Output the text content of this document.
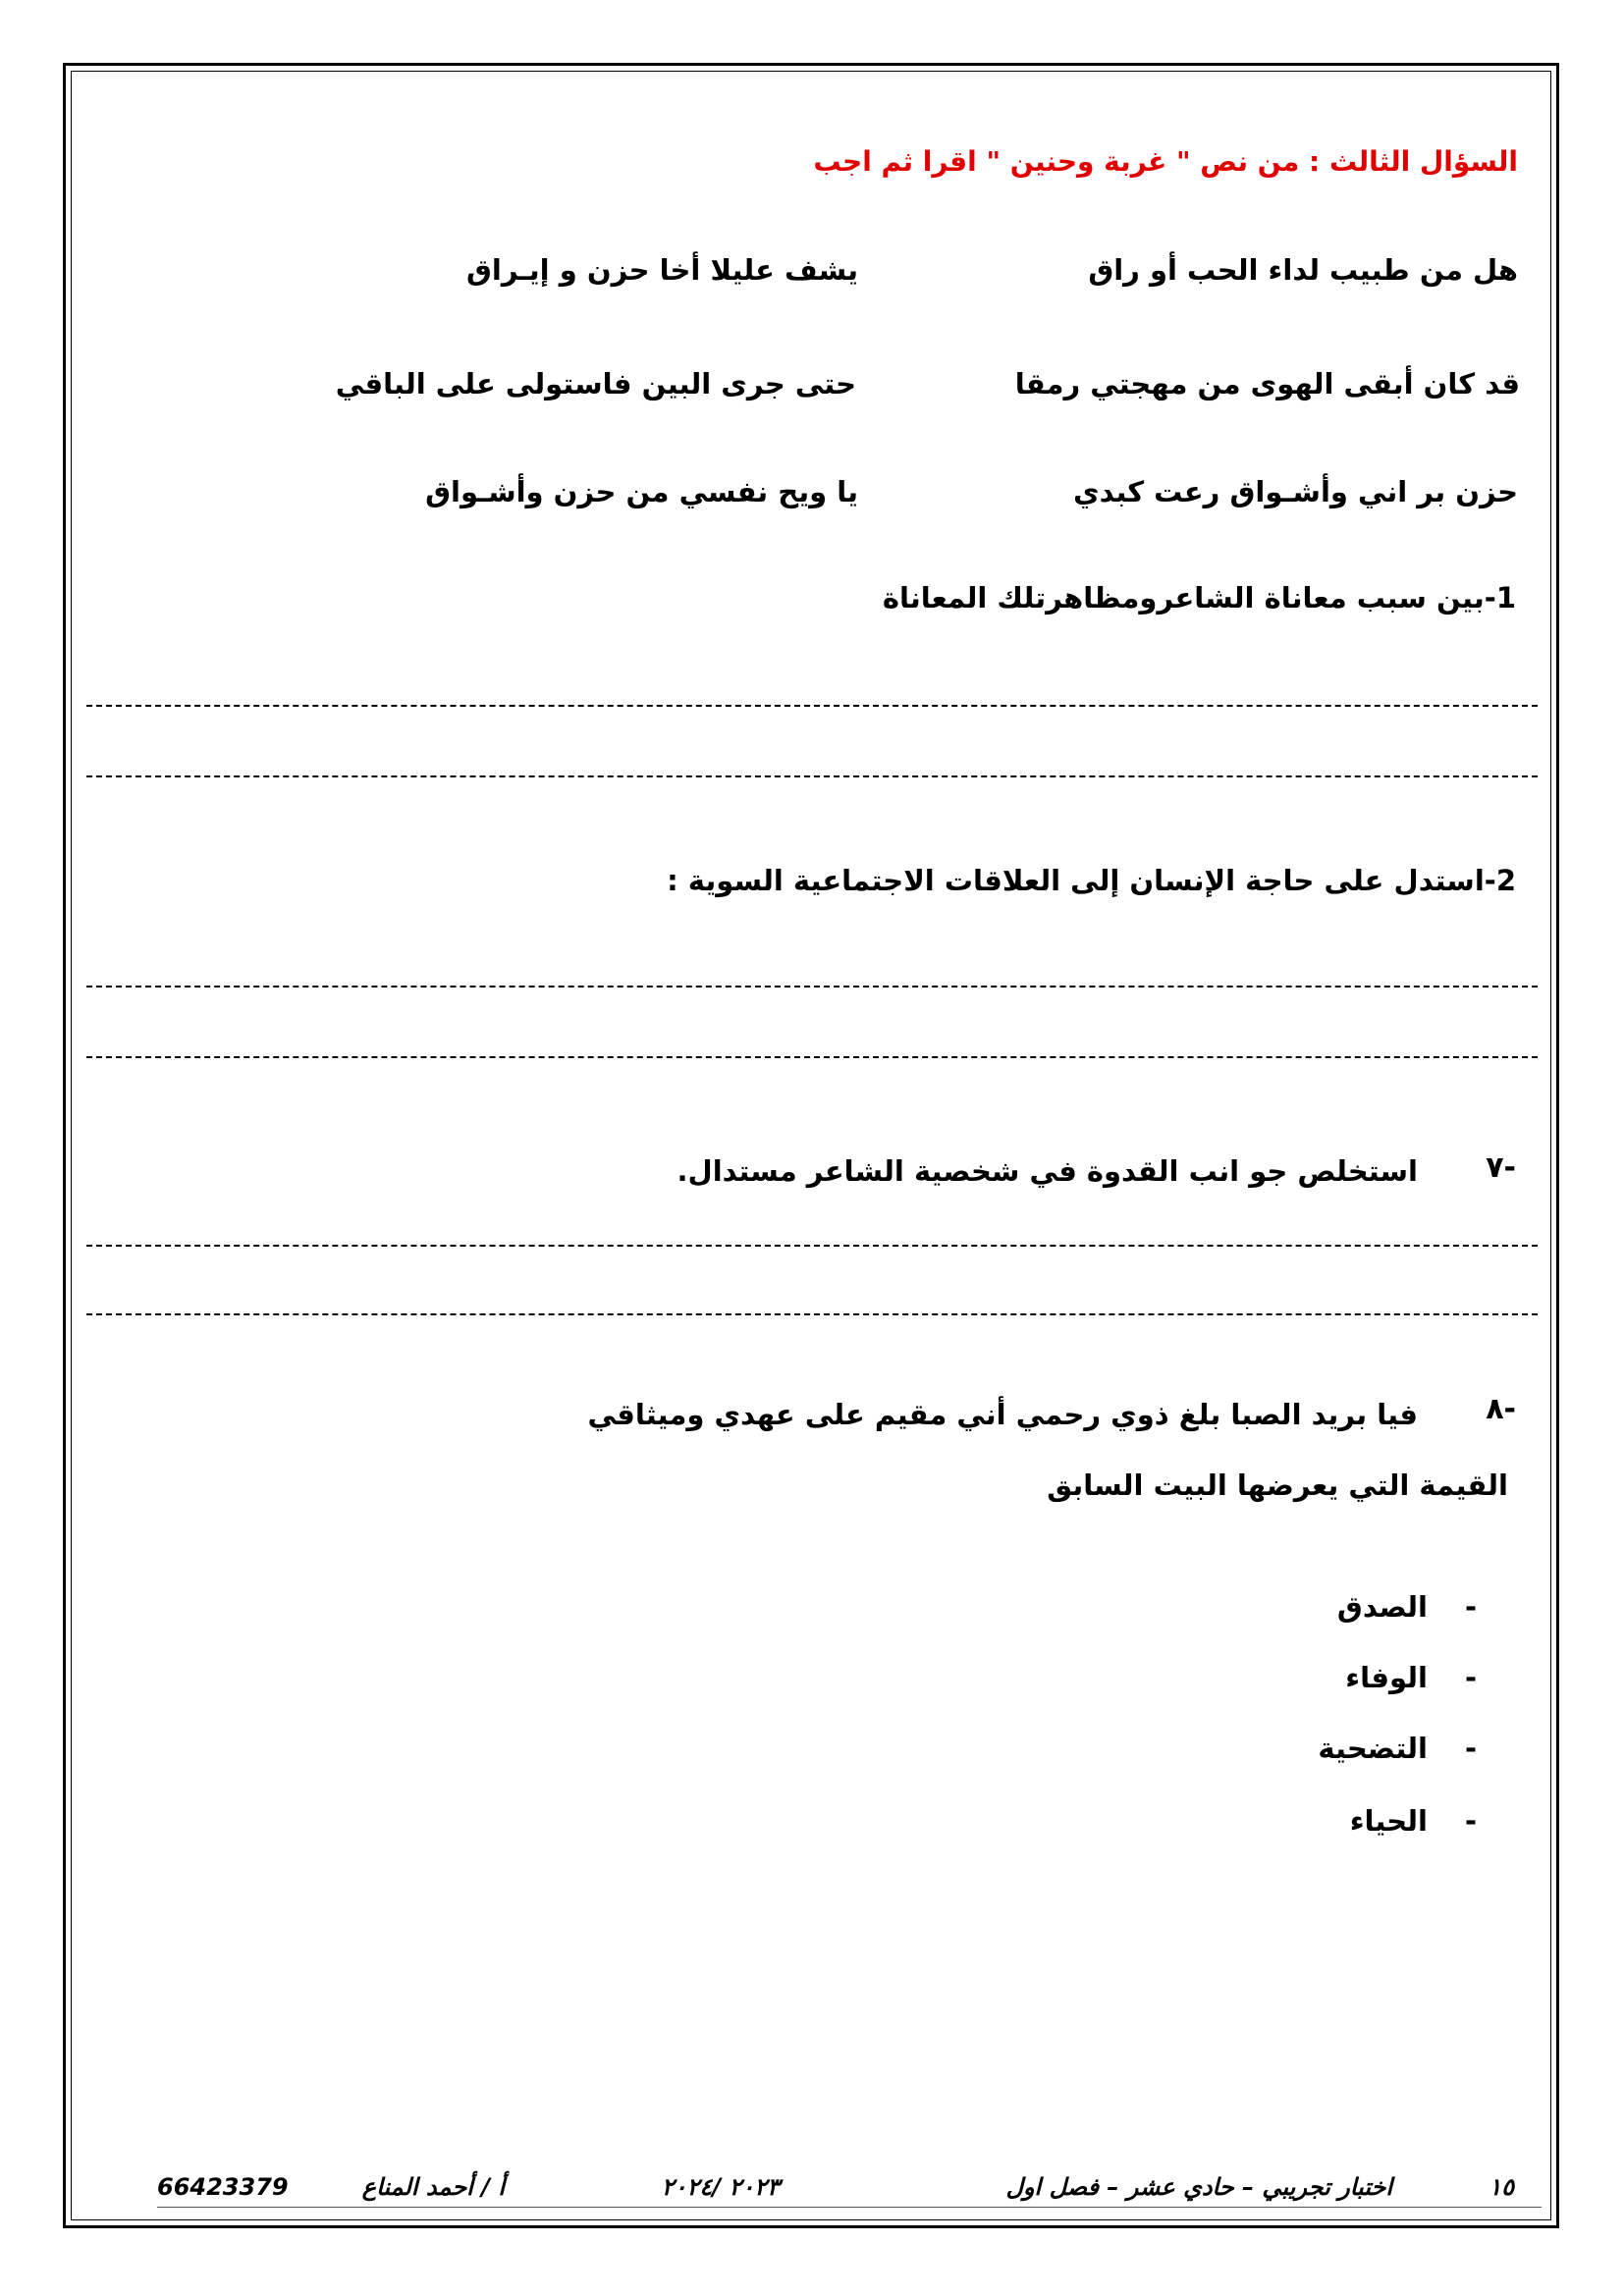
السؤال الثالث : من نص " غربة وحنين " اقرا ثم اجب
هل من طبيب لداء الحب أو راق
يشف عليلا أخا حزن و إيـراق
قد كان أبقى الهوى من مهجتي رمقا
حتى جرى البين فاستولى على الباقي
حزن بر اني وأشـواق رعت كبدي
يا ويح نفسي من حزن وأشـواق
1-بين سبب معاناة الشاعرومظاهرتلك المعاناة
2-استدل على حاجة الإنسان إلى العلاقات الاجتماعية السوية :
٧-
استخلص جو انب القدوة في شخصية الشاعر مستدال.
٨-
فيا بريد الصبا بلغ ذوي رحمي أني مقيم على عهدي وميثاقي
القيمة التي يعرضها البيت السابق
-
الصدق
-
الوفاء
-
التضحية
-
الحياء
١٥
اختبار تجريبي – حادي عشر – فصل اول
٢٠٢٣ /٢٠٢٤
أ / أحمد المناع
66423379
